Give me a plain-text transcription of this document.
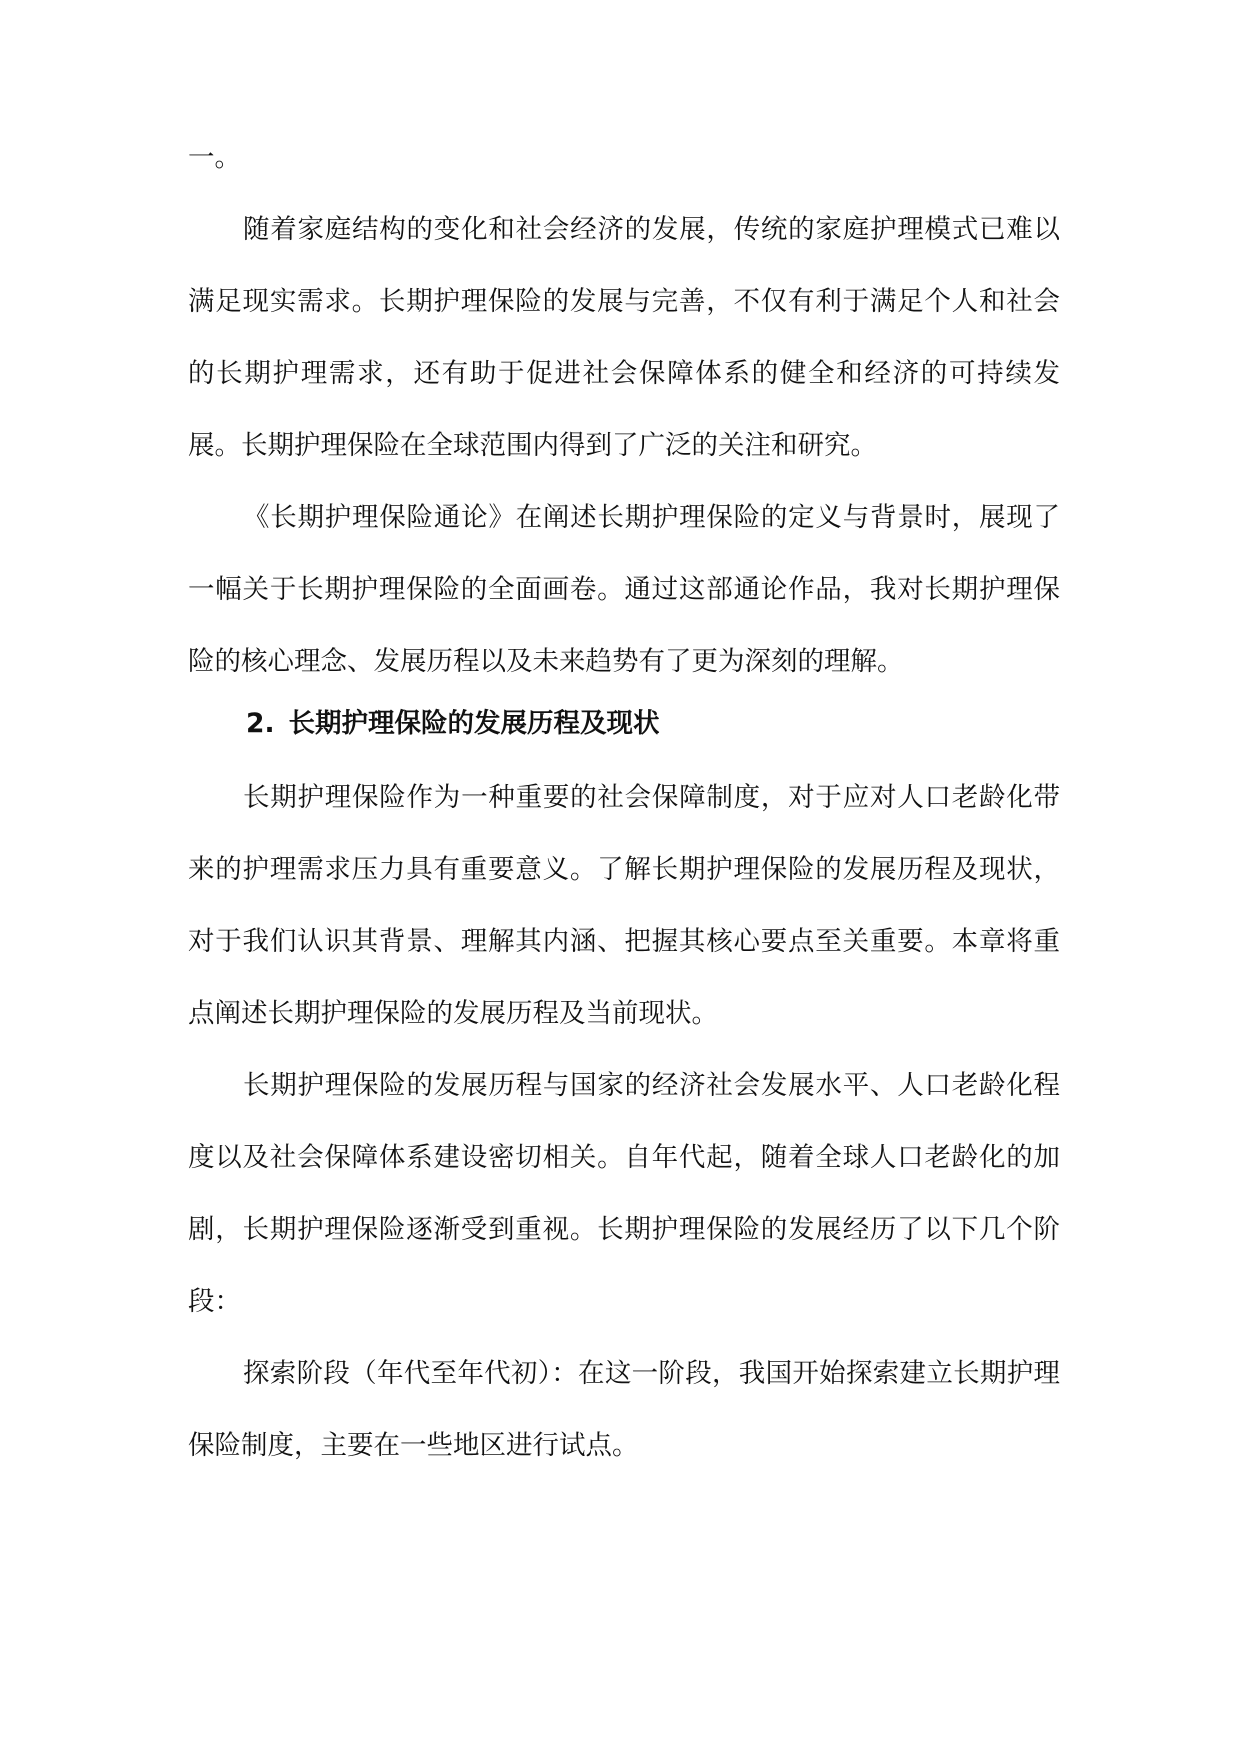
一。

随着家庭结构的变化和社会经济的发展，传统的家庭护理模式已难以满足现实需求。长期护理保险的发展与完善，不仅有利于满足个人和社会的长期护理需求，还有助于促进社会保障体系的健全和经济的可持续发展。长期护理保险在全球范围内得到了广泛的关注和研究。

《长期护理保险通论》在阐述长期护理保险的定义与背景时，展现了一幅关于长期护理保险的全面画卷。通过这部通论作品，我对长期护理保险的核心理念、发展历程以及未来趋势有了更为深刻的理解。

2. 长期护理保险的发展历程及现状

长期护理保险作为一种重要的社会保障制度，对于应对人口老龄化带来的护理需求压力具有重要意义。了解长期护理保险的发展历程及现状，对于我们认识其背景、理解其内涵、把握其核心要点至关重要。本章将重点阐述长期护理保险的发展历程及当前现状。

长期护理保险的发展历程与国家的经济社会发展水平、人口老龄化程度以及社会保障体系建设密切相关。自年代起，随着全球人口老龄化的加剧，长期护理保险逐渐受到重视。长期护理保险的发展经历了以下几个阶段：

探索阶段（年代至年代初）：在这一阶段，我国开始探索建立长期护理保险制度，主要在一些地区进行试点。
